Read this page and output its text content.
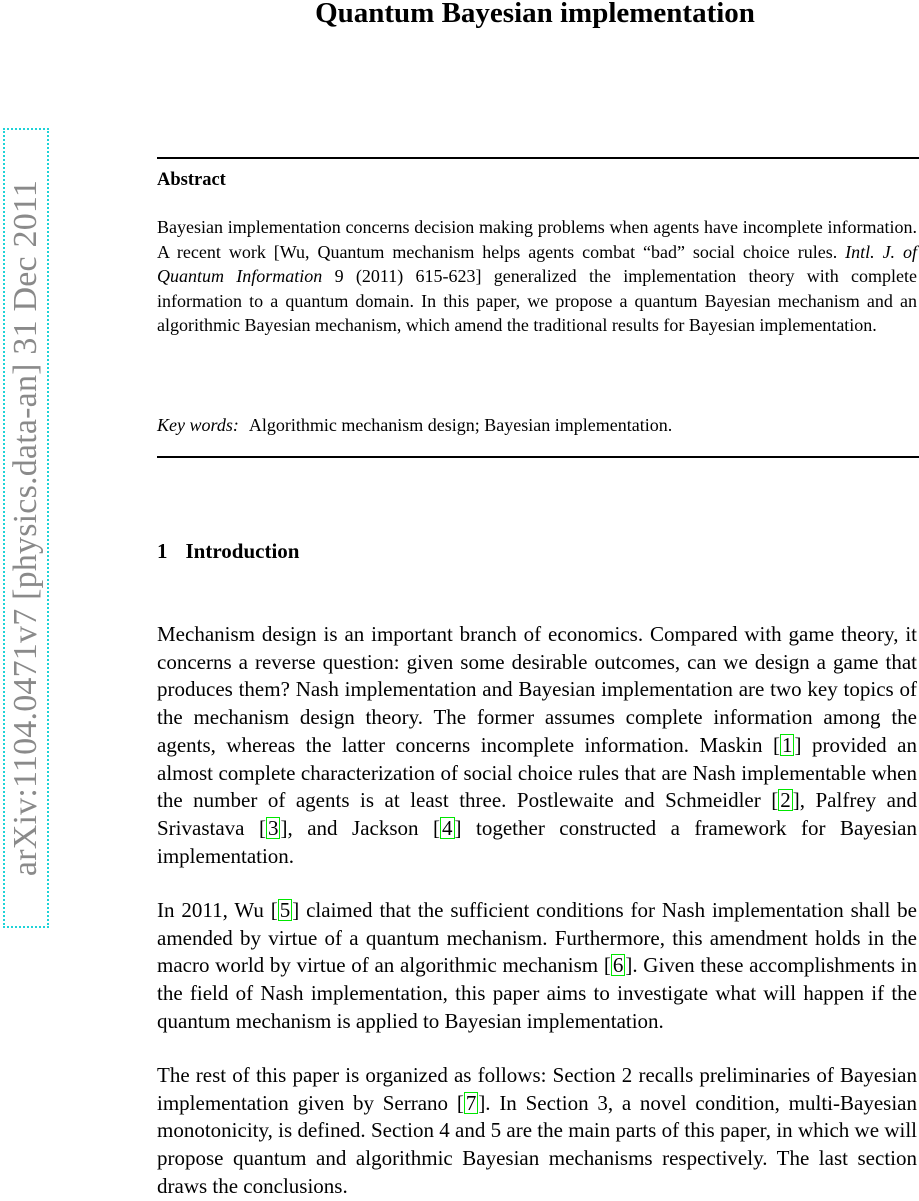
Quantum Bayesian implementation
arXiv:1104.0471v7 [physics.data-an] 31 Dec 2011	Abstract

Bayesian implementation concerns decision making problems when agents have incomplete information. A recent work [Wu, Quantum mechanism helps agents combat “bad” social choice rules. Intl. J. of Quantum Information 9 (2011) 615-623] generalized the implementation theory with complete information to a quantum domain. In this paper, we propose a quantum Bayesian mechanism and an algorithmic Bayesian mechanism, which amend the traditional results for Bayesian implementation.

Key words: Algorithmic mechanism design; Bayesian implementation.

1 Introduction

Mechanism design is an important branch of economics. Compared with game theory, it concerns a reverse question: given some desirable outcomes, can we design a game that produces them? Nash implementation and Bayesian implementation are two key topics of the mechanism design theory. The former assumes complete information among the agents, whereas the latter concerns incomplete information. Maskin [1] provided an almost complete characterization of social choice rules that are Nash implementable when the number of agents is at least three. Postlewaite and Schmeidler [2], Palfrey and Srivastava [3], and Jackson [4] together constructed a framework for Bayesian implementation.

In 2011, Wu [5] claimed that the sufficient conditions for Nash implementation shall be amended by virtue of a quantum mechanism. Furthermore, this amendment holds in the macro world by virtue of an algorithmic mechanism [6]. Given these accomplishments in the field of Nash implementation, this paper aims to investigate what will happen if the quantum mechanism is applied to Bayesian implementation.

The rest of this paper is organized as follows: Section 2 recalls preliminaries of Bayesian implementation given by Serrano [7]. In Section 3, a novel condition, multi-Bayesian monotonicity, is defined. Section 4 and 5 are the main parts of this paper, in which we will propose quantum and algorithmic Bayesian mechanisms respectively. The last section draws the conclusions.
